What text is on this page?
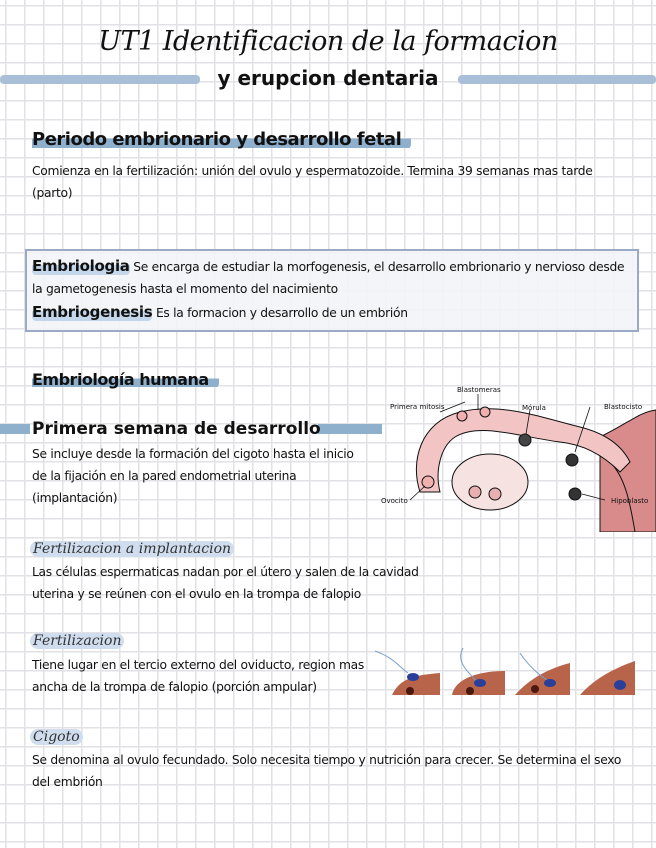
UT1 Identificacion de la formacion
y erupcion dentaria
Periodo embrionario y desarrollo fetal
Comienza en la fertilización: unión del ovulo y espermatozoide. Termina 39 semanas mas tarde (parto)
Embriologia Se encarga de estudiar la morfogenesis, el desarrollo embrionario y nervioso desde la gametogenesis hasta el momento del nacimiento
Embriogenesis Es la formacion y desarrollo de un embrión
Embriología humana
Primera semana de desarrollo
Se incluye desde la formación del cigoto hasta el inicio de la fijación en la pared endometrial uterina (implantación)
Blastomeras
Primera mitosis	Mórula	Blastocisto
Ovocito	Hipoblasto
Fertilizacion a implantacion
Las células espermaticas nadan por el útero y salen de la cavidad uterina y se reúnen con el ovulo en la trompa de falopio
Fertilizacion
Tiene lugar en el tercio externo del oviducto, region mas ancha de la trompa de falopio (porción ampular)
Cigoto
Se denomina al ovulo fecundado. Solo necesita tiempo y nutrición para crecer. Se determina el sexo del embrión
